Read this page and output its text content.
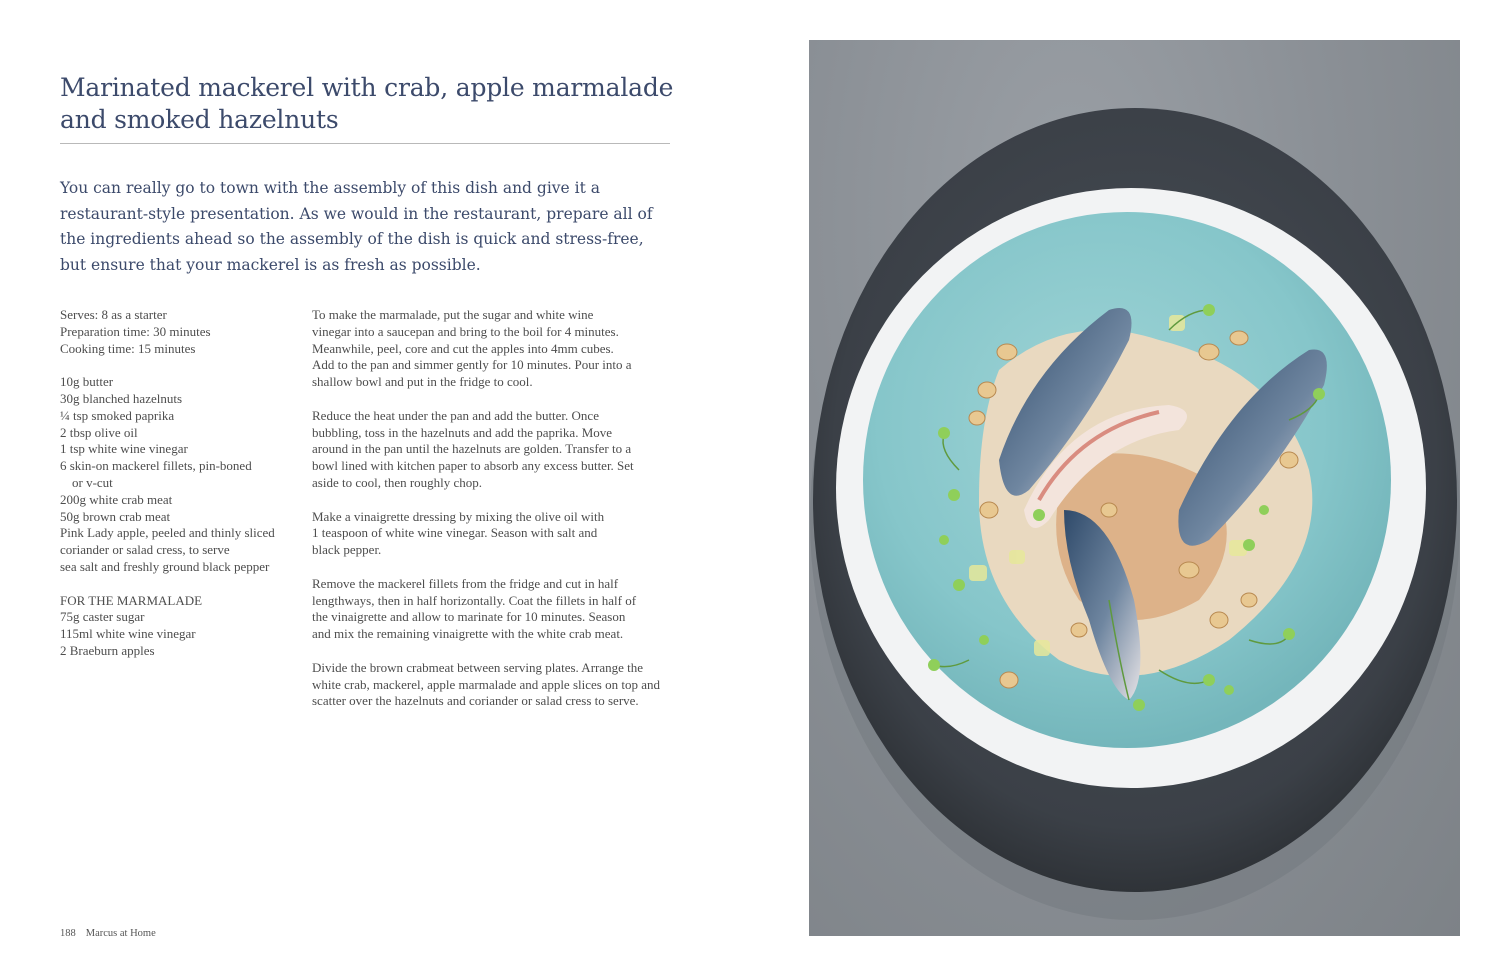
Marinated mackerel with crab, apple marmalade and smoked hazelnuts

You can really go to town with the assembly of this dish and give it a restaurant-style presentation. As we would in the restaurant, prepare all of the ingredients ahead so the assembly of the dish is quick and stress-free, but ensure that your mackerel is as fresh as possible.

Serves: 8 as a starter
Preparation time: 30 minutes
Cooking time: 15 minutes
10g butter
30g blanched hazelnuts
¼ tsp smoked paprika
2 tbsp olive oil
1 tsp white wine vinegar
6 skin-on mackerel fillets, pin-boned
or v-cut
200g white crab meat
50g brown crab meat
Pink Lady apple, peeled and thinly sliced
coriander or salad cress, to serve
sea salt and freshly ground black pepper
FOR THE MARMALADE
75g caster sugar
115ml white wine vinegar
2 Braeburn apples
To make the marmalade, put the sugar and white wine
vinegar into a saucepan and bring to the boil for 4 minutes.
Meanwhile, peel, core and cut the apples into 4mm cubes.
Add to the pan and simmer gently for 10 minutes. Pour into a
shallow bowl and put in the fridge to cool.
Reduce the heat under the pan and add the butter. Once
bubbling, toss in the hazelnuts and add the paprika. Move
around in the pan until the hazelnuts are golden. Transfer to a
bowl lined with kitchen paper to absorb any excess butter. Set
aside to cool, then roughly chop.
Make a vinaigrette dressing by mixing the olive oil with
1 teaspoon of white wine vinegar. Season with salt and
black pepper.
Remove the mackerel fillets from the fridge and cut in half
lengthways, then in half horizontally. Coat the fillets in half of
the vinaigrette and allow to marinate for 10 minutes. Season
and mix the remaining vinaigrette with the white crab meat.
Divide the brown crabmeat between serving plates. Arrange the
white crab, mackerel, apple marmalade and apple slices on top and
scatter over the hazelnuts and coriander or salad cress to serve.
188 Marcus at Home
